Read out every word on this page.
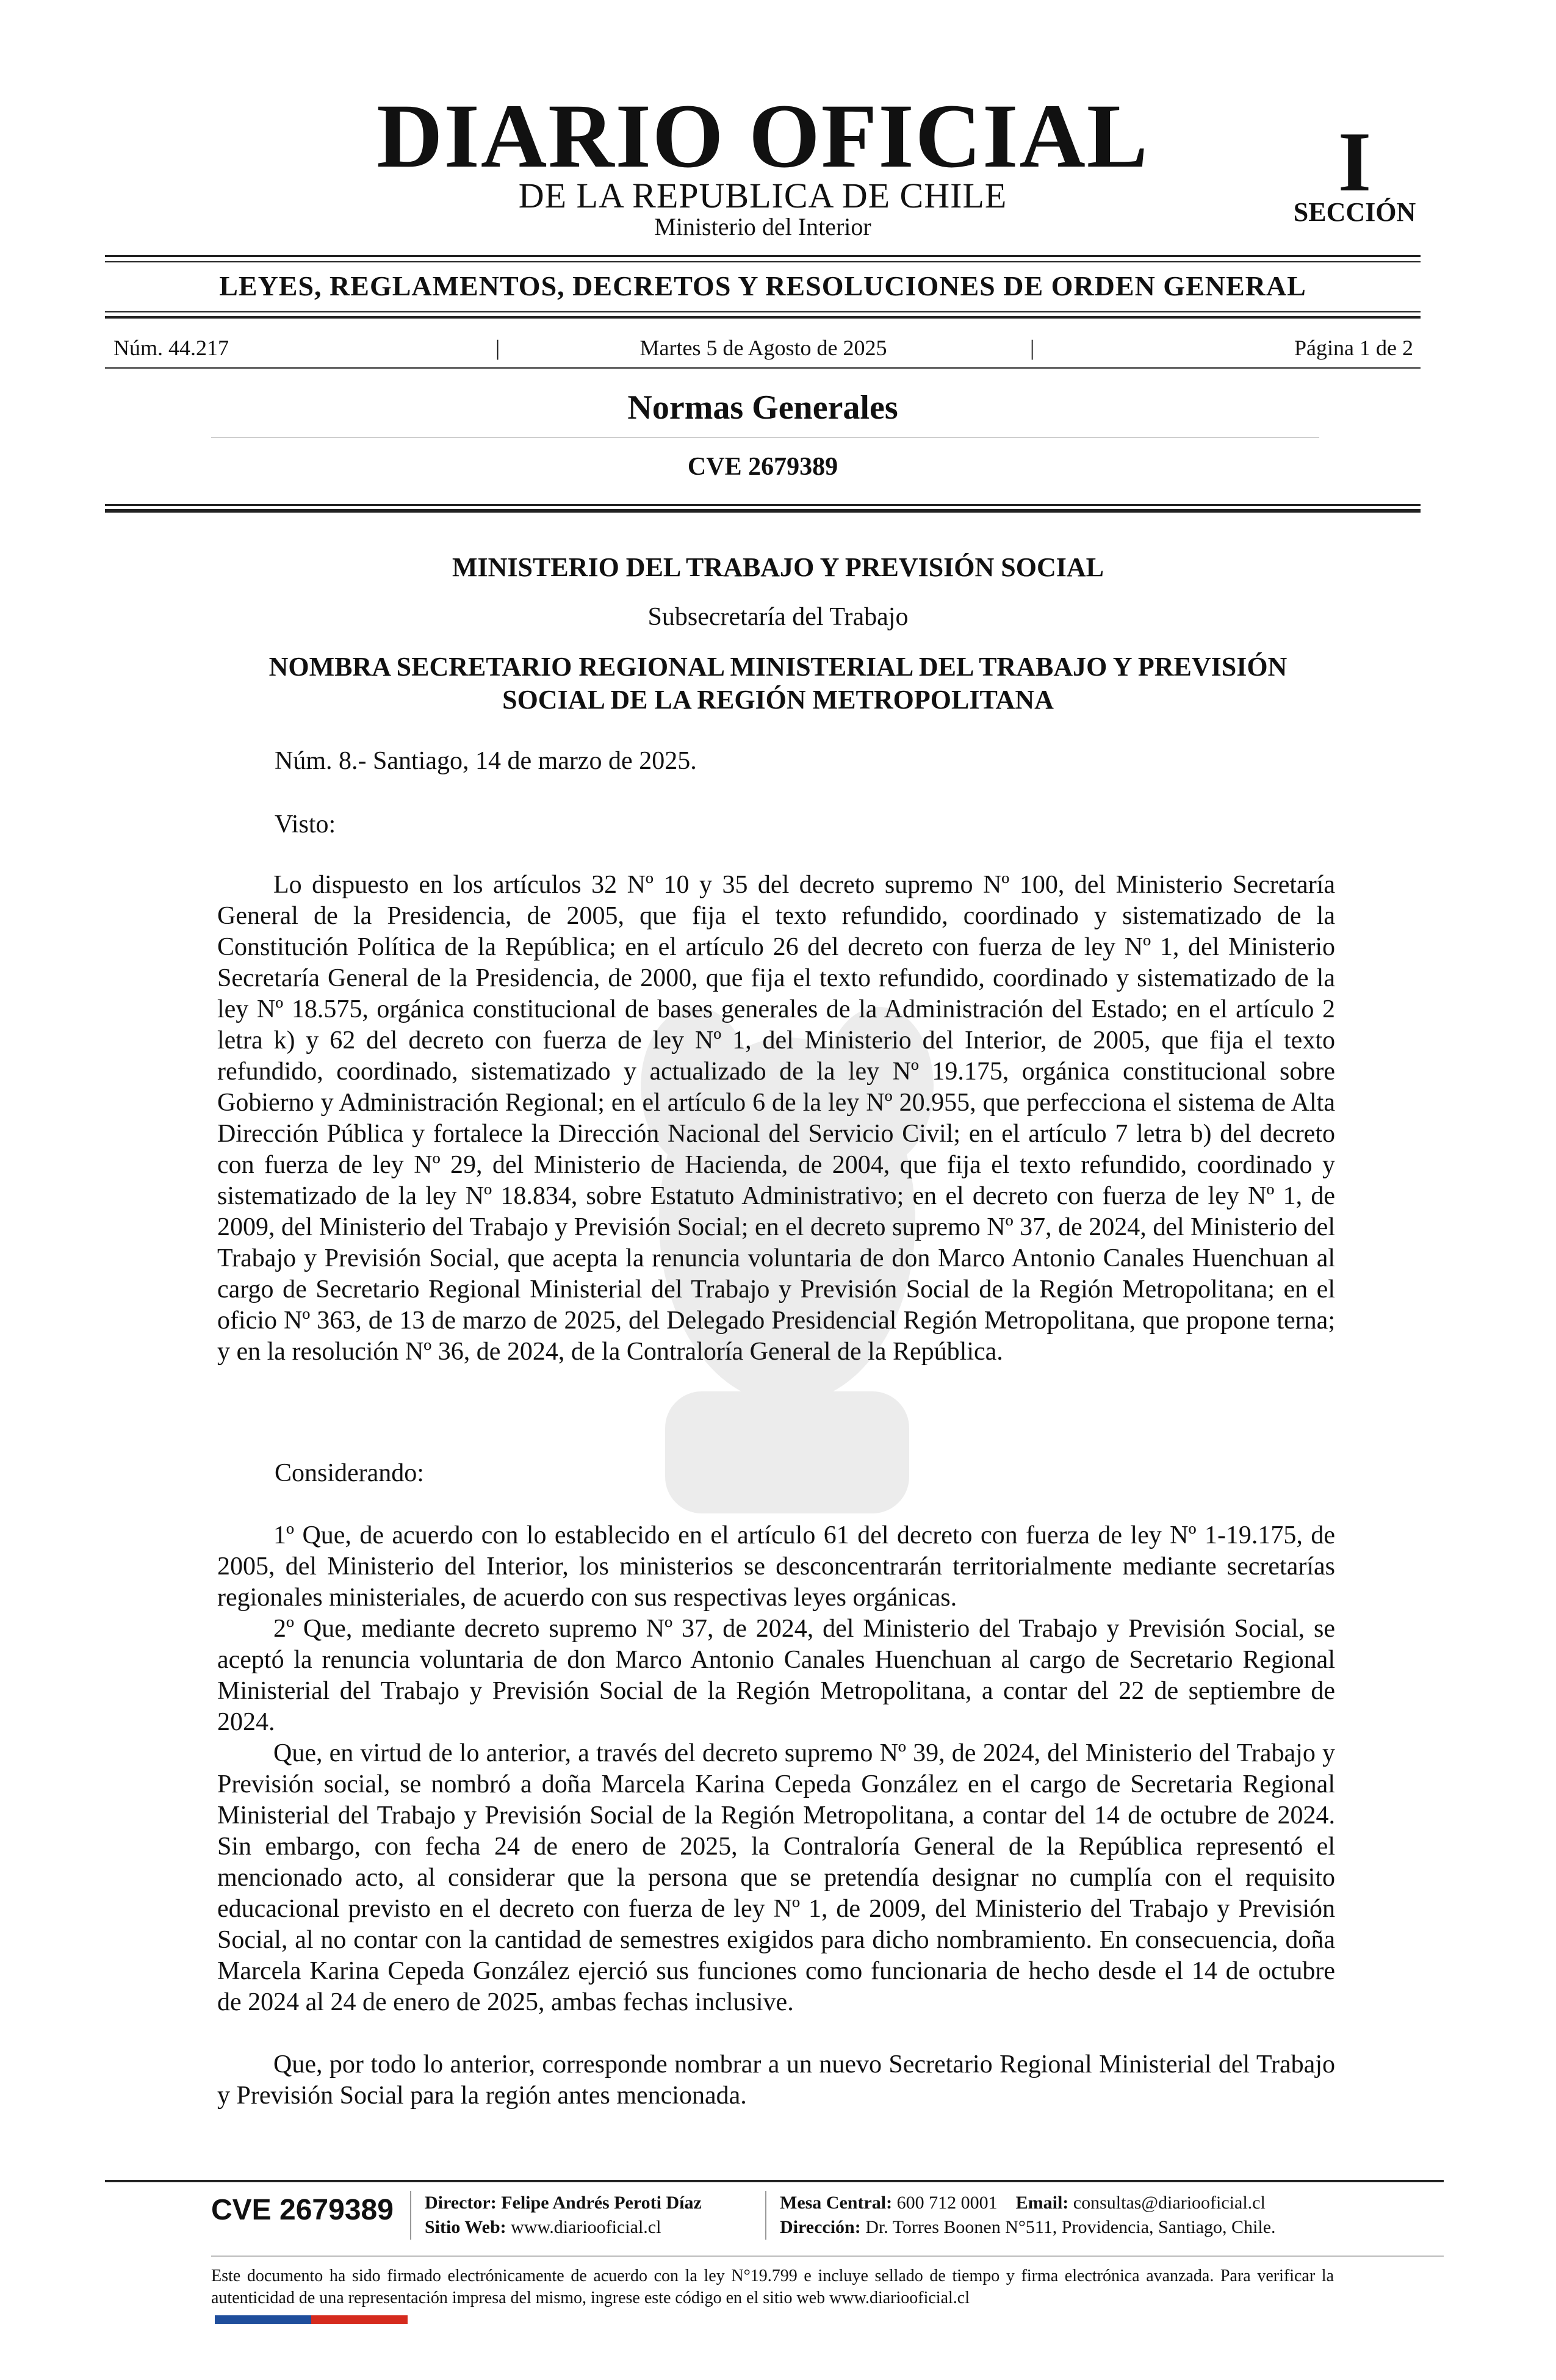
DIARIO OFICIAL
DE LA REPUBLICA DE CHILE
Ministerio del Interior
I
SECCIÓN
LEYES, REGLAMENTOS, DECRETOS Y RESOLUCIONES DE ORDEN GENERAL
Núm. 44.217	|	Martes 5 de Agosto de 2025	|	Página 1 de 2
Normas Generales
CVE 2679389
MINISTERIO DEL TRABAJO Y PREVISIÓN SOCIAL
Subsecretaría del Trabajo
NOMBRA SECRETARIO REGIONAL MINISTERIAL DEL TRABAJO Y PREVISIÓN
SOCIAL DE LA REGIÓN METROPOLITANA

Núm. 8.- Santiago, 14 de marzo de 2025.

Visto:

Lo dispuesto en los artículos 32 Nº 10 y 35 del decreto supremo Nº 100, del Ministerio Secretaría General de la Presidencia, de 2005, que fija el texto refundido, coordinado y sistematizado de la Constitución Política de la República; en el artículo 26 del decreto con fuerza de ley Nº 1, del Ministerio Secretaría General de la Presidencia, de 2000, que fija el texto refundido, coordinado y sistematizado de la ley Nº 18.575, orgánica constitucional de bases generales de la Administración del Estado; en el artículo 2 letra k) y 62 del decreto con fuerza de ley Nº 1, del Ministerio del Interior, de 2005, que fija el texto refundido, coordinado, sistematizado y actualizado de la ley Nº 19.175, orgánica constitucional sobre Gobierno y Administración Regional; en el artículo 6 de la ley Nº 20.955, que perfecciona el sistema de Alta Dirección Pública y fortalece la Dirección Nacional del Servicio Civil; en el artículo 7 letra b) del decreto con fuerza de ley Nº 29, del Ministerio de Hacienda, de 2004, que fija el texto refundido, coordinado y sistematizado de la ley Nº 18.834, sobre Estatuto Administrativo; en el decreto con fuerza de ley Nº 1, de 2009, del Ministerio del Trabajo y Previsión Social; en el decreto supremo Nº 37, de 2024, del Ministerio del Trabajo y Previsión Social, que acepta la renuncia voluntaria de don Marco Antonio Canales Huenchuan al cargo de Secretario Regional Ministerial del Trabajo y Previsión Social de la Región Metropolitana; en el oficio Nº 363, de 13 de marzo de 2025, del Delegado Presidencial Región Metropolitana, que propone terna; y en la resolución Nº 36, de 2024, de la Contraloría General de la República.

Considerando:

1º Que, de acuerdo con lo establecido en el artículo 61 del decreto con fuerza de ley Nº 1-19.175, de 2005, del Ministerio del Interior, los ministerios se desconcentrarán territorialmente mediante secretarías regionales ministeriales, de acuerdo con sus respectivas leyes orgánicas.

2º Que, mediante decreto supremo Nº 37, de 2024, del Ministerio del Trabajo y Previsión Social, se aceptó la renuncia voluntaria de don Marco Antonio Canales Huenchuan al cargo de Secretario Regional Ministerial del Trabajo y Previsión Social de la Región Metropolitana, a contar del 22 de septiembre de 2024.

Que, en virtud de lo anterior, a través del decreto supremo Nº 39, de 2024, del Ministerio del Trabajo y Previsión social, se nombró a doña Marcela Karina Cepeda González en el cargo de Secretaria Regional Ministerial del Trabajo y Previsión Social de la Región Metropolitana, a contar del 14 de octubre de 2024. Sin embargo, con fecha 24 de enero de 2025, la Contraloría General de la República representó el mencionado acto, al considerar que la persona que se pretendía designar no cumplía con el requisito educacional previsto en el decreto con fuerza de ley Nº 1, de 2009, del Ministerio del Trabajo y Previsión Social, al no contar con la cantidad de semestres exigidos para dicho nombramiento. En consecuencia, doña Marcela Karina Cepeda González ejerció sus funciones como funcionaria de hecho desde el 14 de octubre de 2024 al 24 de enero de 2025, ambas fechas inclusive.

Que, por todo lo anterior, corresponde nombrar a un nuevo Secretario Regional Ministerial del Trabajo y Previsión Social para la región antes mencionada.

CVE 2679389 Director: Felipe Andrés Peroti Díaz
Sitio Web: www.diariooficial.cl
Mesa Central: 600 712 0001 Email: consultas@diariooficial.cl
Dirección: Dr. Torres Boonen N°511, Providencia, Santiago, Chile.
Este documento ha sido firmado electrónicamente de acuerdo con la ley N°19.799 e incluye sellado de tiempo y firma electrónica avanzada. Para verificar la autenticidad de una representación impresa del mismo, ingrese este código en el sitio web www.diariooficial.cl
